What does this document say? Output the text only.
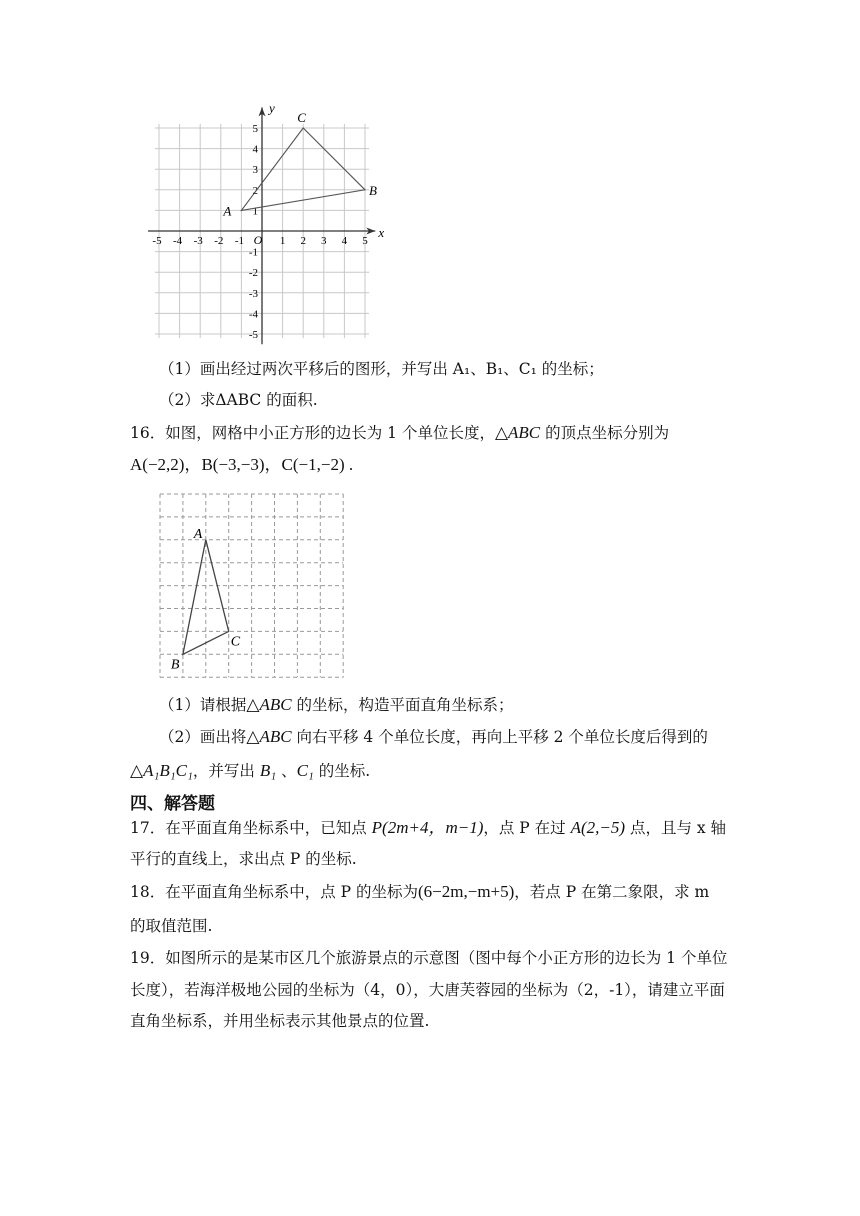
x
y
O
-5 -4 -3 -2 -1	1 2 3 4 5
5
4
3
2
1
-1
-2
-3
-4
-5
A
B
C
（1）画出经过两次平移后的图形，并写出 A₁、B₁、C₁ 的坐标；
（2）求ΔABC 的面积.
16．如图，网格中小正方形的边长为 1 个单位长度，△ABC 的顶点坐标分别为
A(−2,2)，B(−3,−3)，C(−1,−2) .
A
B
C
（1）请根据△ABC 的坐标，构造平面直角坐标系；
（2）画出将△ABC 向右平移 4 个单位长度，再向上平移 2 个单位长度后得到的
△A₁B₁C₁，并写出 B₁ 、C₁ 的坐标.
四、解答题
17．在平面直角坐标系中，已知点 P(2m+4，m−1)，点 P 在过 A(2,−5) 点，且与 x 轴
平行的直线上，求出点 P 的坐标.
18．在平面直角坐标系中，点 P 的坐标为(6−2m,−m+5)，若点 P 在第二象限，求 m
的取值范围.
19．如图所示的是某市区几个旅游景点的示意图（图中每个小正方形的边长为 1 个单位
长度），若海洋极地公园的坐标为（4，0），大唐芙蓉园的坐标为（2，-1），请建立平面
直角坐标系，并用坐标表示其他景点的位置.
